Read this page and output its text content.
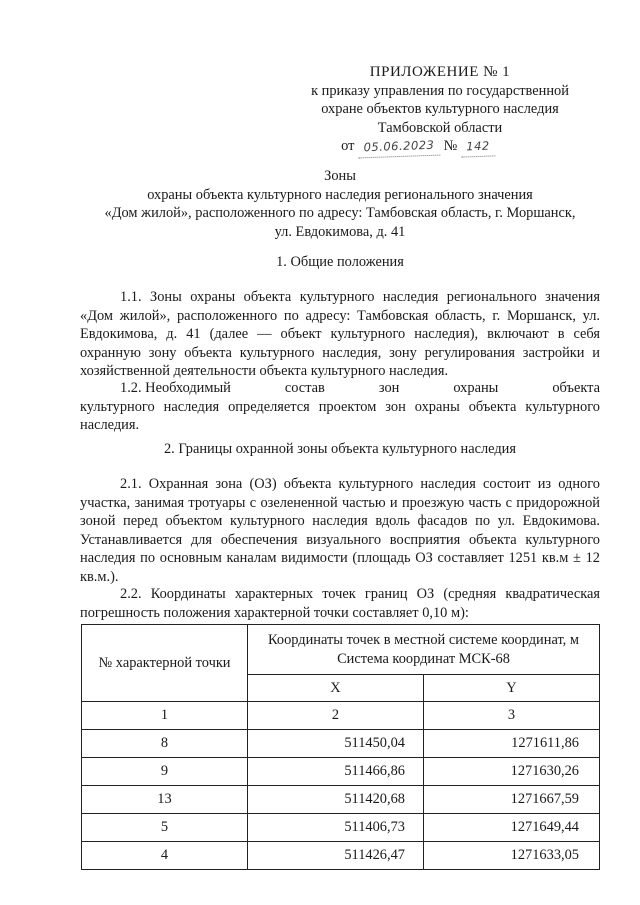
ПРИЛОЖЕНИЕ № 1
к приказу управления по государственной
охране объектов культурного наследия
Тамбовской области
от 05.06.2023 № 142
Зоны
охраны объекта культурного наследия регионального значения
«Дом жилой», расположенного по адресу: Тамбовская область, г. Моршанск,
ул. Евдокимова, д. 41
1. Общие положения
1.1. Зоны охраны объекта культурного наследия регионального значения «Дом жилой», расположенного по адресу: Тамбовская область, г. Моршанск, ул. Евдокимова, д. 41 (далее — объект культурного наследия), включают в себя охранную зону объекта культурного наследия, зону регулирования застройки и хозяйственной деятельности объекта культурного наследия.
1.2. Необходимый	состав	зон	охраны	объекта
культурного наследия определяется проектом зон охраны объекта культурного наследия.
2. Границы охранной зоны объекта культурного наследия
2.1. Охранная зона (ОЗ) объекта культурного наследия состоит из одного участка, занимая тротуары с озелененной частью и проезжую часть с придорожной зоной перед объектом культурного наследия вдоль фасадов по ул. Евдокимова. Устанавливается для обеспечения визуального восприятия объекта культурного наследия по основным каналам видимости (площадь ОЗ составляет 1251 кв.м ± 12 кв.м.).
2.2. Координаты характерных точек границ ОЗ (средняя квадратическая погрешность положения характерной точки составляет 0,10 м):
№ характерной точки	Координаты точек в местной системе координат, м
Система координат МСК-68	

	X	Y
1	2	3
8	511450,04	1271611,86
9	511466,86	1271630,26
13	511420,68	1271667,59
5	511406,73	1271649,44
4	511426,47	1271633,05
